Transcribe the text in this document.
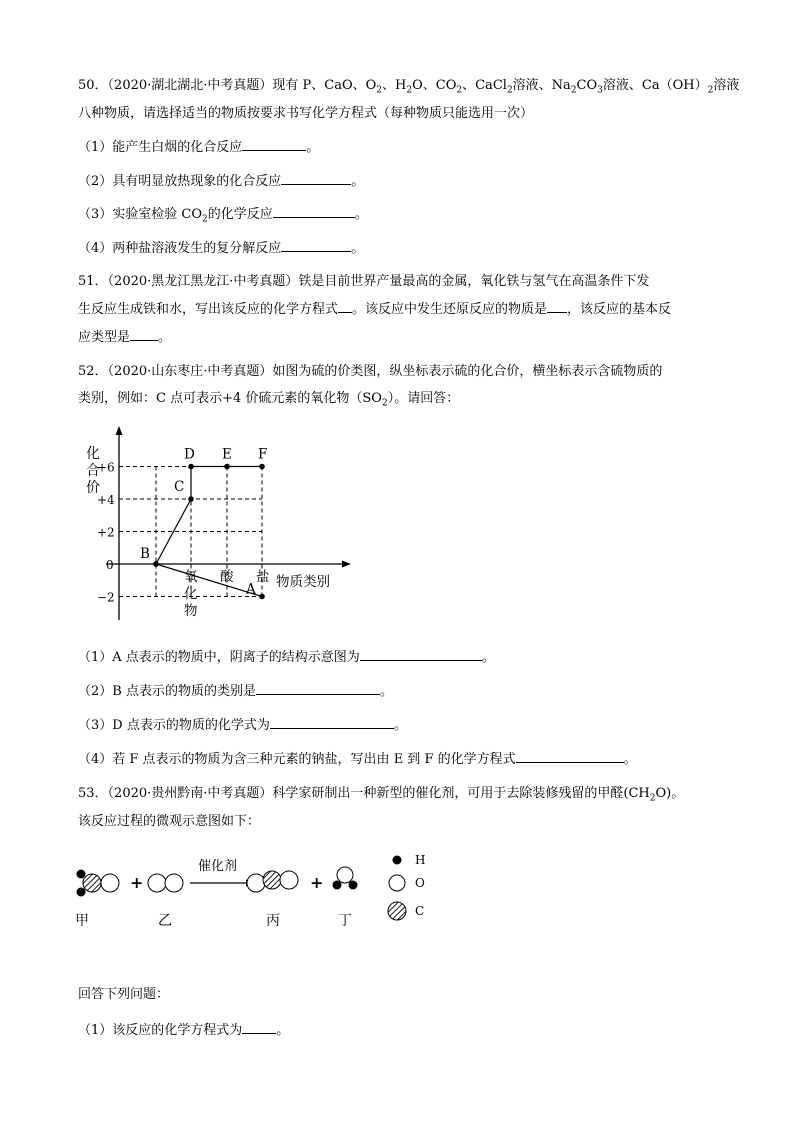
50．（2020·湖北湖北·中考真题）现有 P、CaO、$O_2$、$H_2O$、$CO_2$、CaCl$_2$溶液、$Na_2CO_3$溶液、$Ca(OH)_2$溶液
八种物质，请选择适当的物质按要求书写化学方程式（每种物质只能选用一次）
（1）能产生白烟的化合反应	。
（2）具有明显放热现象的化合反应	。
（3）实验室检验 $CO_2$的化学反应	。
（4）两种盐溶液发生的复分解反应	。
51．（2020·黑龙江黑龙江·中考真题）铁是目前世界产量最高的金属，氧化铁与氢气在高温条件下发
生反应生成铁和水，写出该反应的化学方程式 。该反应中发生还原反应的物质是 ，该反应的基本反
应类型是 。
52．（2020·山东枣庄·中考真题）如图为硫的价类图，纵坐标表示硫的化合价，横坐标表示含硫物质的
类别，例如：C 点可表示+4 价硫元素的氧化物$(SO_2)$。请回答：
+6
+4
+2
0
−2	A
B
C
D E F
氧
化
物
酸 盐
化
合
价
物质类别
（1）A 点表示的物质中，阴离子的结构示意图为	。
（2）B 点表示的物质的类别是	。
（3）D 点表示的物质的化学式为	。
（4）若 F 点表示的物质为含三种元素的钠盐，写出由 E 到 F 的化学方程式	。
53．（2020·贵州黔南·中考真题）科学家研制出一种新型的催化剂，可用于去除装修残留的甲醛$(CH_2O)$。
该反应过程的微观示意图如下：
+
催化剂
+
甲	乙	丙	丁
H
O
C
回答下列问题：
（1）该反应的化学方程式为	。
